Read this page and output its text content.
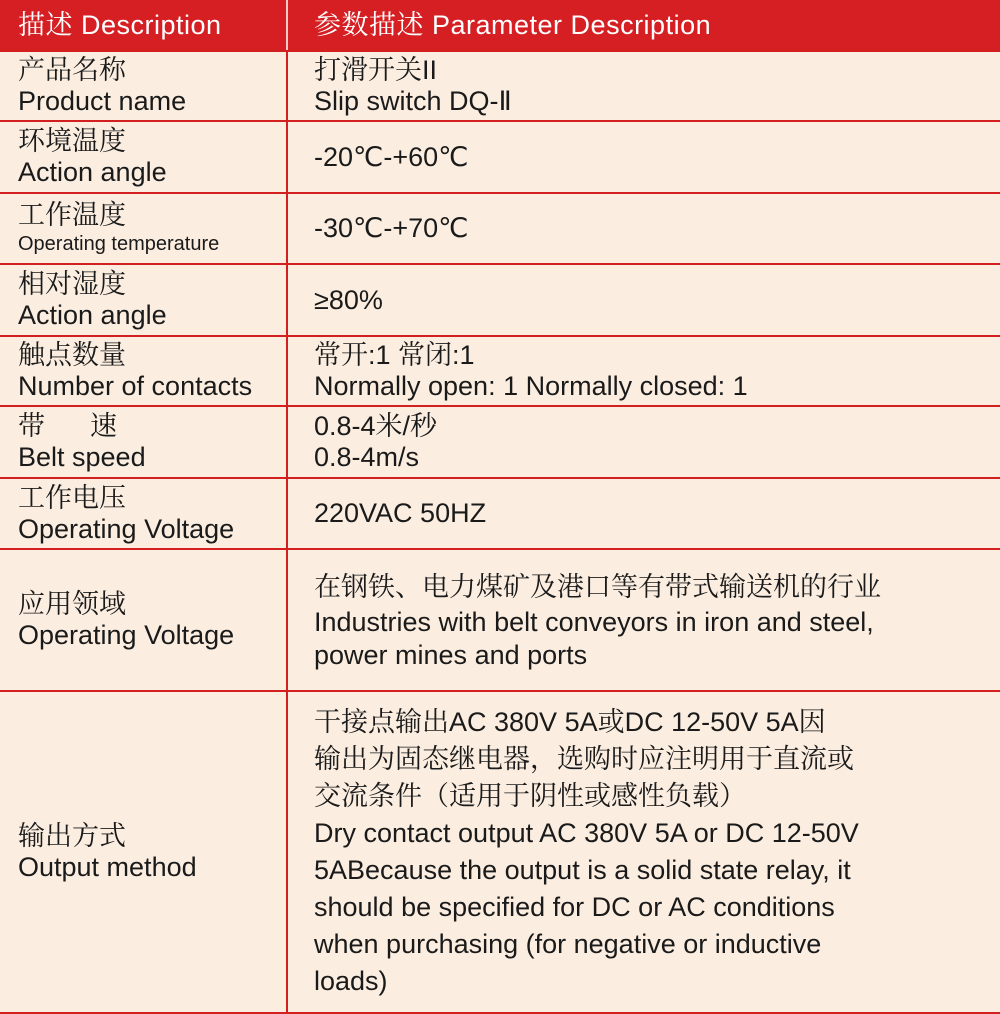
描述 Description	参数描述 Parameter Description
产品名称
Product name
打滑开关II
Slip switch DQ-Ⅱ
环境温度
Action angle
-20℃-+60℃
工作温度
Operating temperature
-30℃-+70℃
相对湿度
Action angle
≥80%
触点数量
Number of contacts
常开:1 常闭:1
Normally open: 1 Normally closed: 1
带      速
Belt speed
0.8-4米/秒
0.8-4m/s
工作电压
Operating Voltage
220VAC 50HZ
应用领域
Operating Voltage
在钢铁、电力煤矿及港口等有带式输送机的行业
Industries with belt conveyors in iron and steel,
power mines and ports
输出方式
Output method
干接点输出AC 380V 5A或DC 12-50V 5A因
输出为固态继电器，选购时应注明用于直流或
交流条件（适用于阴性或感性负载）
Dry contact output AC 380V 5A or DC 12-50V
5ABecause the output is a solid state relay, it
should be specified for DC or AC conditions
when purchasing (for negative or inductive
loads)
